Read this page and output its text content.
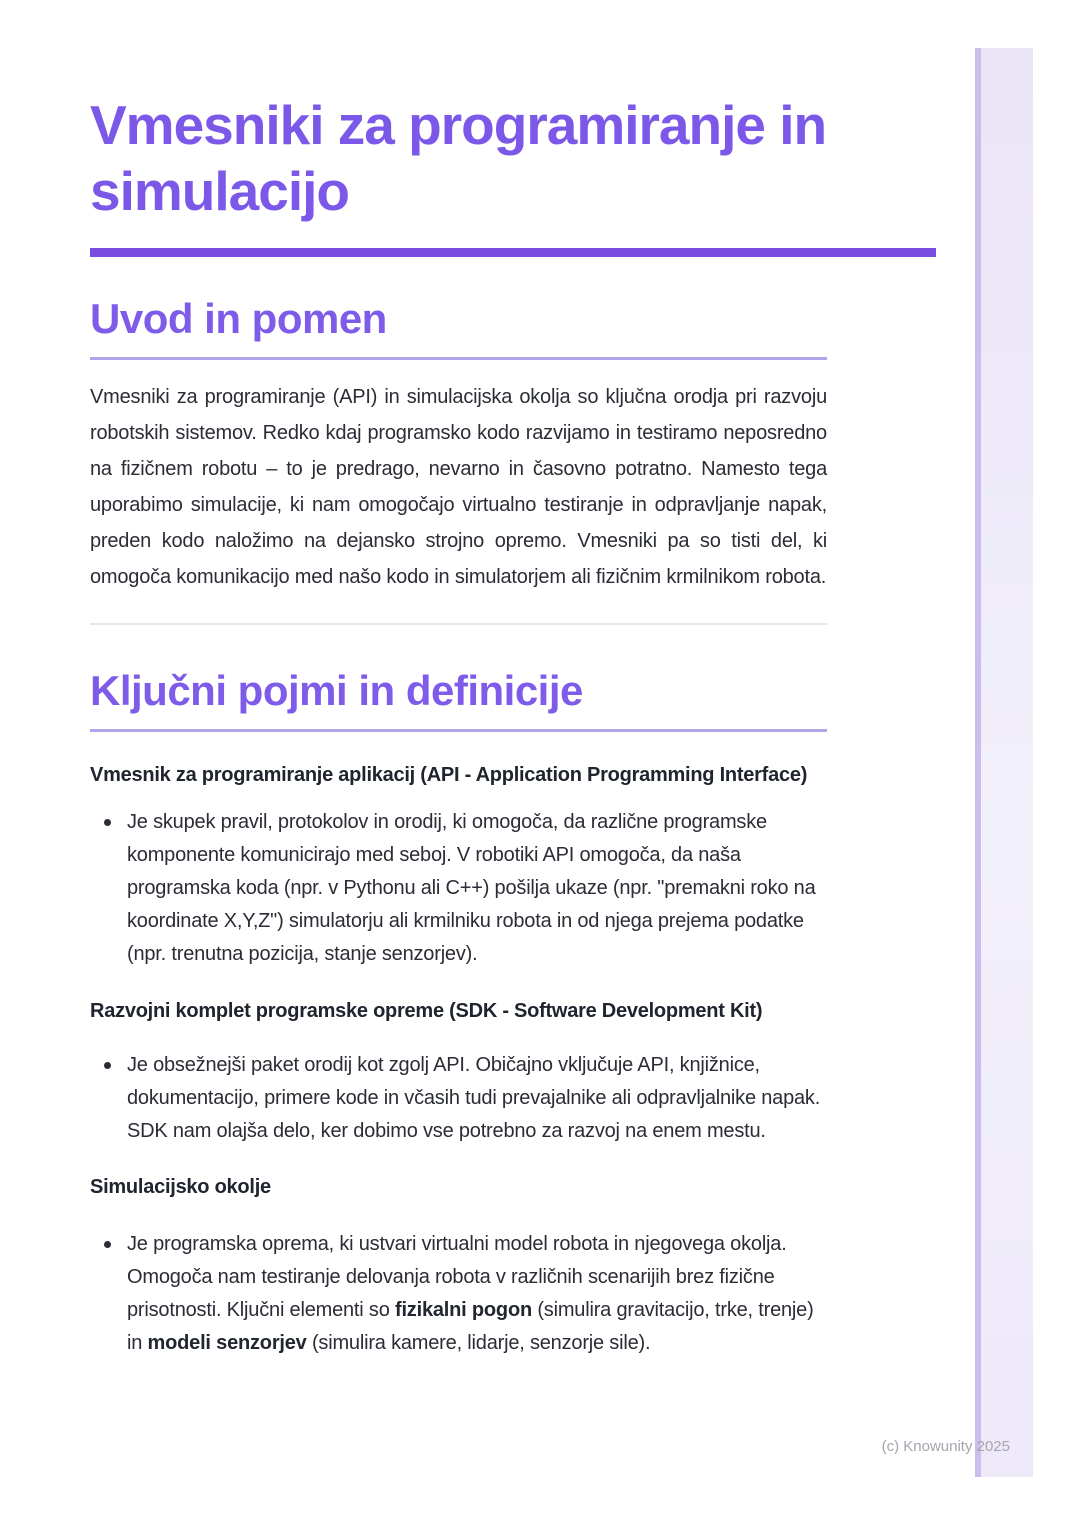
Vmesniki za programiranje in simulacijo
Uvod in pomen

Vmesniki za programiranje (API) in simulacijska okolja so ključna orodja pri razvoju robotskih sistemov. Redko kdaj programsko kodo razvijamo in testiramo neposredno na fizičnem robotu – to je predrago, nevarno in časovno potratno. Namesto tega uporabimo simulacije, ki nam omogočajo virtualno testiranje in odpravljanje napak, preden kodo naložimo na dejansko strojno opremo. Vmesniki pa so tisti del, ki omogoča komunikacijo med našo kodo in simulatorjem ali fizičnim krmilnikom robota.

Ključni pojmi in definicije
Vmesnik za programiranje aplikacij (API - Application Programming Interface)
Je skupek pravil, protokolov in orodij, ki omogoča, da različne programske komponente komunicirajo med seboj. V robotiki API omogoča, da naša programska koda (npr. v Pythonu ali C++) pošilja ukaze (npr. "premakni roko na koordinate X,Y,Z") simulatorju ali krmilniku robota in od njega prejema podatke (npr. trenutna pozicija, stanje senzorjev).
Razvojni komplet programske opreme (SDK - Software Development Kit)
Je obsežnejši paket orodij kot zgolj API. Običajno vključuje API, knjižnice, dokumentacijo, primere kode in včasih tudi prevajalnike ali odpravljalnike napak. SDK nam olajša delo, ker dobimo vse potrebno za razvoj na enem mestu.
Simulacijsko okolje
Je programska oprema, ki ustvari virtualni model robota in njegovega okolja. Omogoča nam testiranje delovanja robota v različnih scenarijih brez fizične prisotnosti. Ključni elementi so fizikalni pogon (simulira gravitacijo, trke, trenje) in modeli senzorjev (simulira kamere, lidarje, senzorje sile).
(c) Knowunity 2025
